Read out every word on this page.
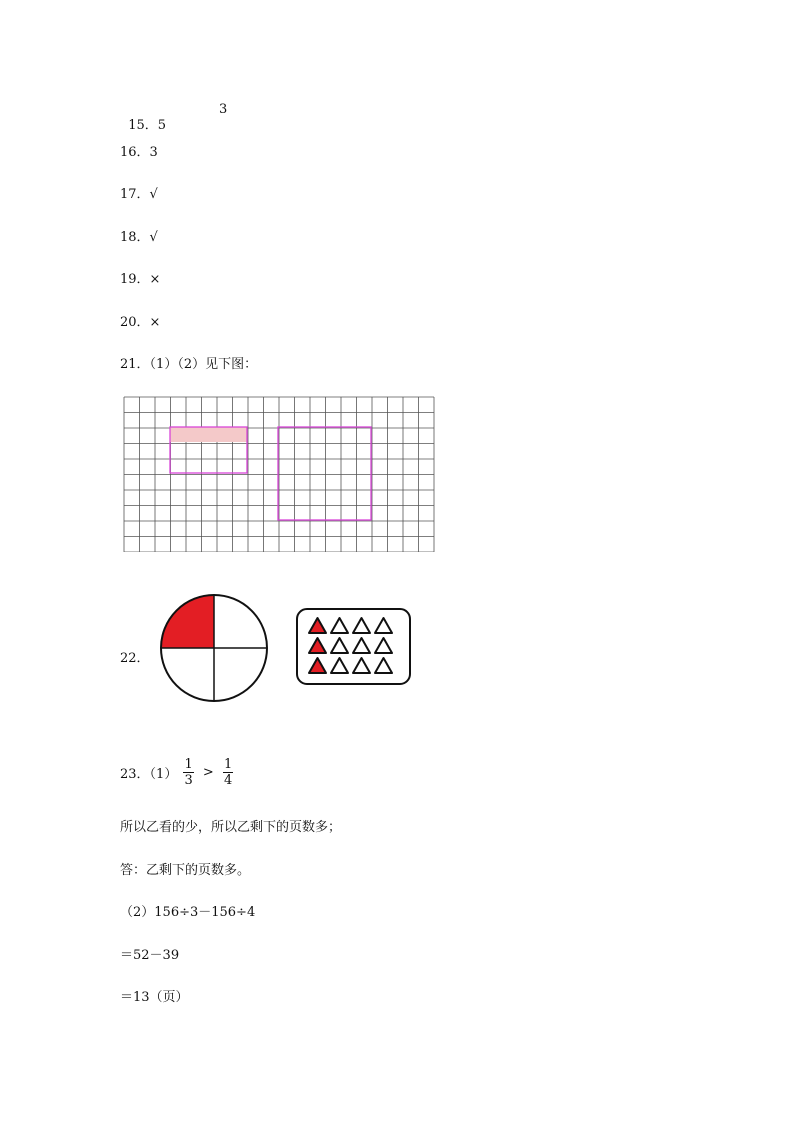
15．5

3
16．3
17．√
18．√
19．×
20．×
21．（1）（2）见下图：
22．
23．$(1) \frac{1}{3} > \frac{1}{4}$
所以乙看的少，所以乙剩下的页数多；
答：乙剩下的页数多。
（2）156÷3－156÷4
＝52－39
＝13（页）
